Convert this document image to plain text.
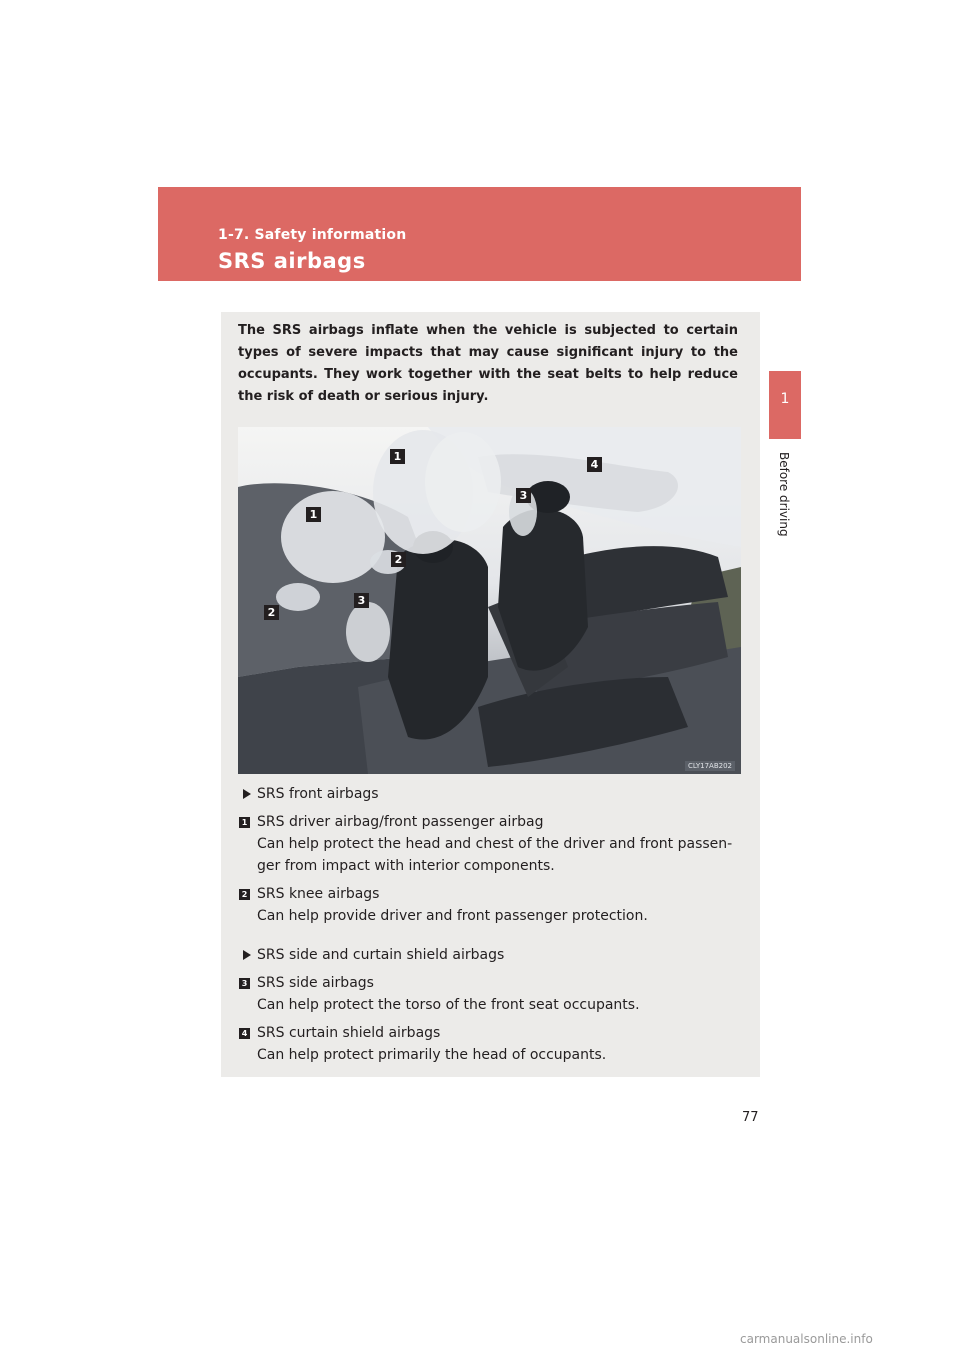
1-7. Safety information
SRS airbags
1
Before driving
The SRS airbags inflate when the vehicle is subjected to certain types of severe impacts that may cause significant injury to the occupants. They work together with the seat belts to help reduce the risk of death or serious injury.
1
1
2
2
3
3
4
CLY17AB202
SRS front airbags
1 SRS driver airbag/front passenger airbag
Can help protect the head and chest of the driver and front passen-
ger from impact with interior components.
2 SRS knee airbags
Can help provide driver and front passenger protection.
SRS side and curtain shield airbags
3 SRS side airbags
Can help protect the torso of the front seat occupants.
4 SRS curtain shield airbags
Can help protect primarily the head of occupants.
77
carmanualsonline.info
